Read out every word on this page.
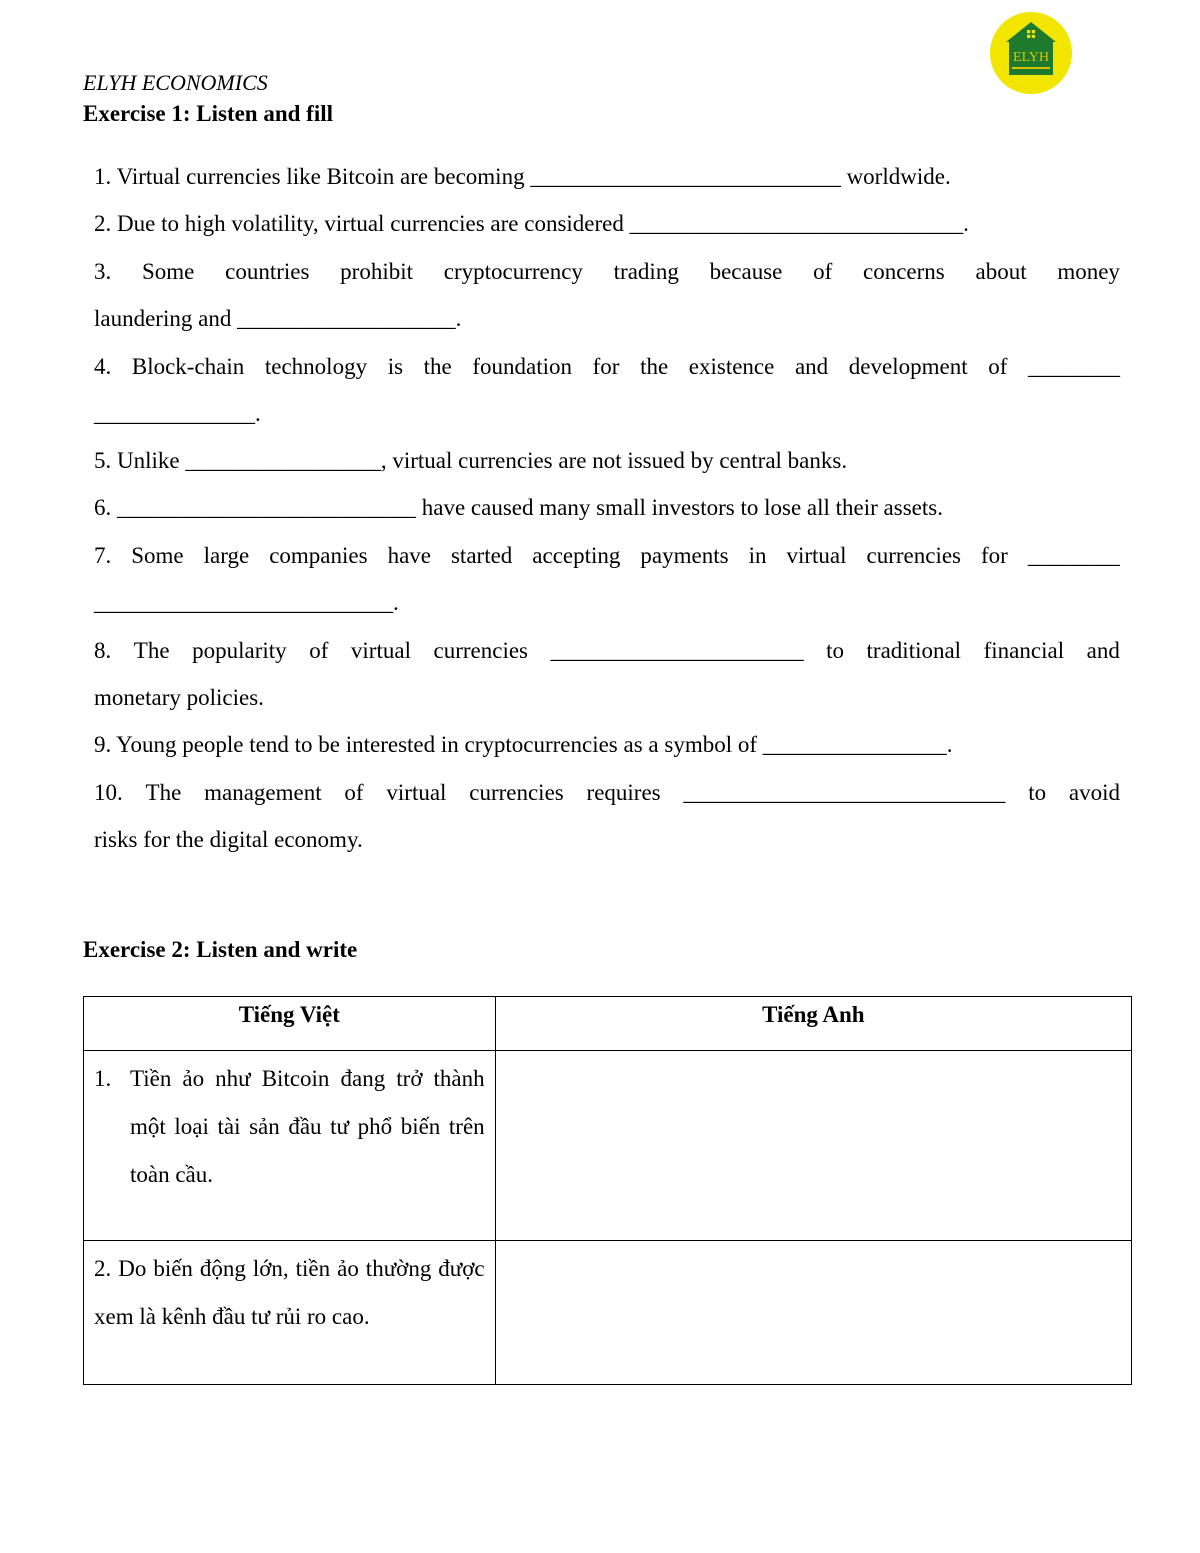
ELYH
ELYH ECONOMICS
Exercise 1: Listen and fill
1. Virtual currencies like Bitcoin are becoming ___________________________ worldwide.
2. Due to high volatility, virtual currencies are considered _____________________________.
3. Some countries prohibit cryptocurrency trading because of concerns about money
laundering and ___________________.
4. Block-chain technology is the foundation for the existence and development of ________
______________.
5. Unlike _________________, virtual currencies are not issued by central banks.
6. __________________________ have caused many small investors to lose all their assets.
7. Some large companies have started accepting payments in virtual currencies for ________
__________________________.
8. The popularity of virtual currencies ______________________ to traditional financial and
monetary policies.
9. Young people tend to be interested in cryptocurrencies as a symbol of ________________.
10. The management of virtual currencies requires ____________________________ to avoid
risks for the digital economy.
Exercise 2: Listen and write
Tiếng Việt	Tiếng Anh

1. Tiền ảo như Bitcoin đang trở thành một loại tài sản đầu tư phổ biến trên toàn cầu.	

2. Do biến động lớn, tiền ảo thường được xem là kênh đầu tư rủi ro cao.	
